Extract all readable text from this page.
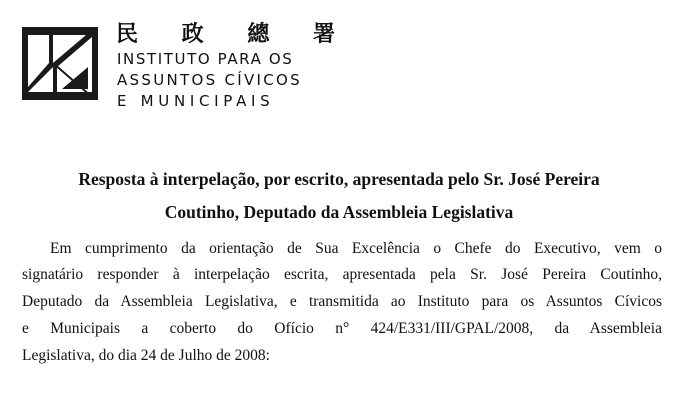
民 政 總 署
INSTITUTO PARA OS
ASSUNTOS CÍVICOS
E MUNICIPAIS
Resposta à interpelação, por escrito, apresentada pelo Sr. José Pereira
Coutinho, Deputado da Assembleia Legislativa
Em cumprimento da orientação de Sua Excelência o Chefe do Executivo, vem o
signatário responder à interpelação escrita, apresentada pela Sr. José Pereira Coutinho,
Deputado da Assembleia Legislativa, e transmitida ao Instituto para os Assuntos Cívicos
e Municipais a coberto do Ofício n° 424/E331/III/GPAL/2008, da Assembleia
Legislativa, do dia 24 de Julho de 2008:
